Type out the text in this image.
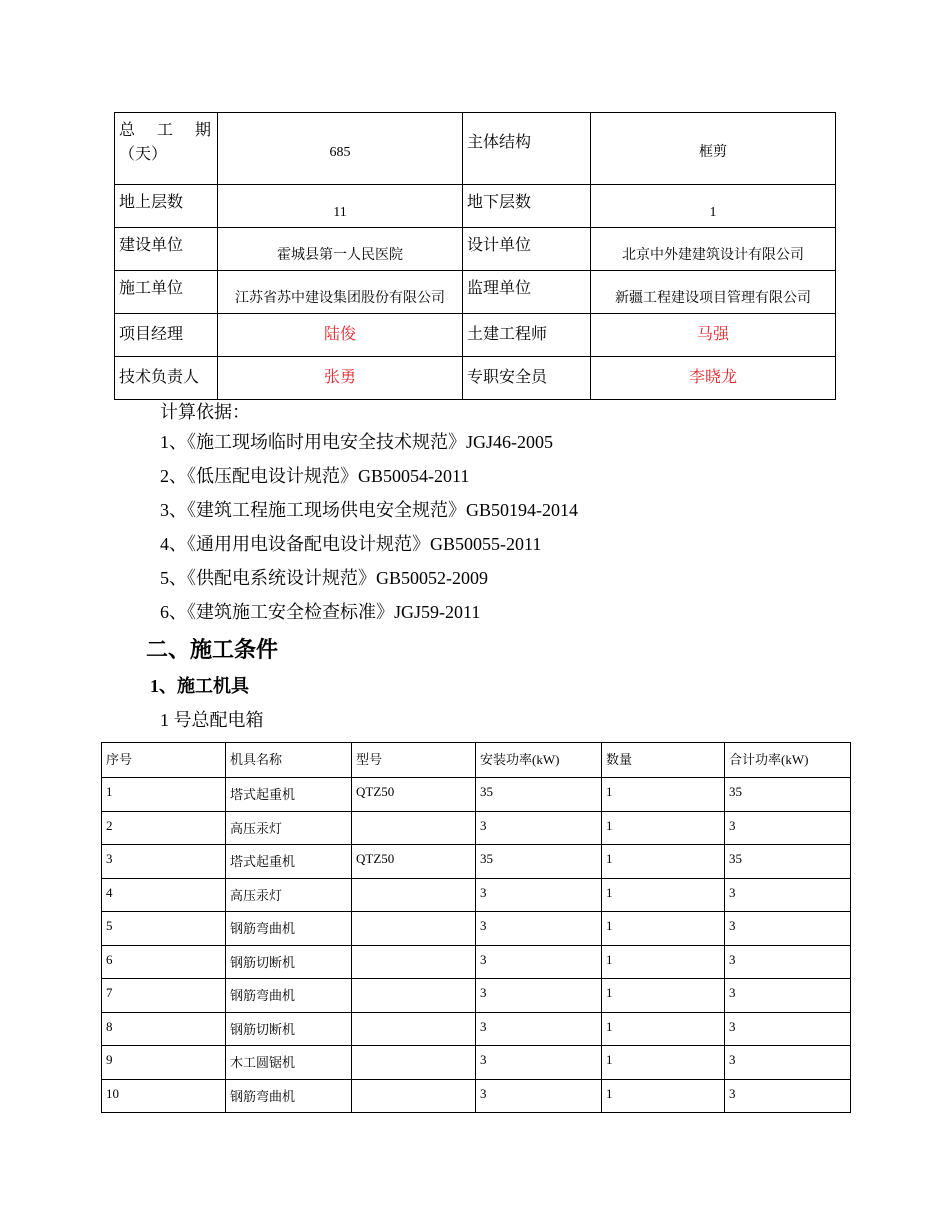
总 工 期
（天）	685	主体结构	框剪
地上层数	11	地下层数	1
建设单位	霍城县第一人民医院	设计单位	北京中外建建筑设计有限公司
施工单位	江苏省苏中建设集团股份有限公司	监理单位	新疆工程建设项目管理有限公司
项目经理	陆俊	土建工程师	马强
技术负责人	张勇	专职安全员	李晓龙
计算依据：
1、《施工现场临时用电安全技术规范》JGJ46-2005
2、《低压配电设计规范》GB50054-2011
3、《建筑工程施工现场供电安全规范》GB50194-2014
4、《通用用电设备配电设计规范》GB50055-2011
5、《供配电系统设计规范》GB50052-2009
6、《建筑施工安全检查标准》JGJ59-2011
二、施工条件
1、施工机具
1 号总配电箱
序号	机具名称	型号	安装功率(kW)	数量	合计功率(kW)
1	塔式起重机	QTZ50	35	1	35
2	高压汞灯		3	1	3
3	塔式起重机	QTZ50	35	1	35
4	高压汞灯		3	1	3
5	钢筋弯曲机		3	1	3
6	钢筋切断机		3	1	3
7	钢筋弯曲机		3	1	3
8	钢筋切断机		3	1	3
9	木工圆锯机		3	1	3
10	钢筋弯曲机		3	1	3
